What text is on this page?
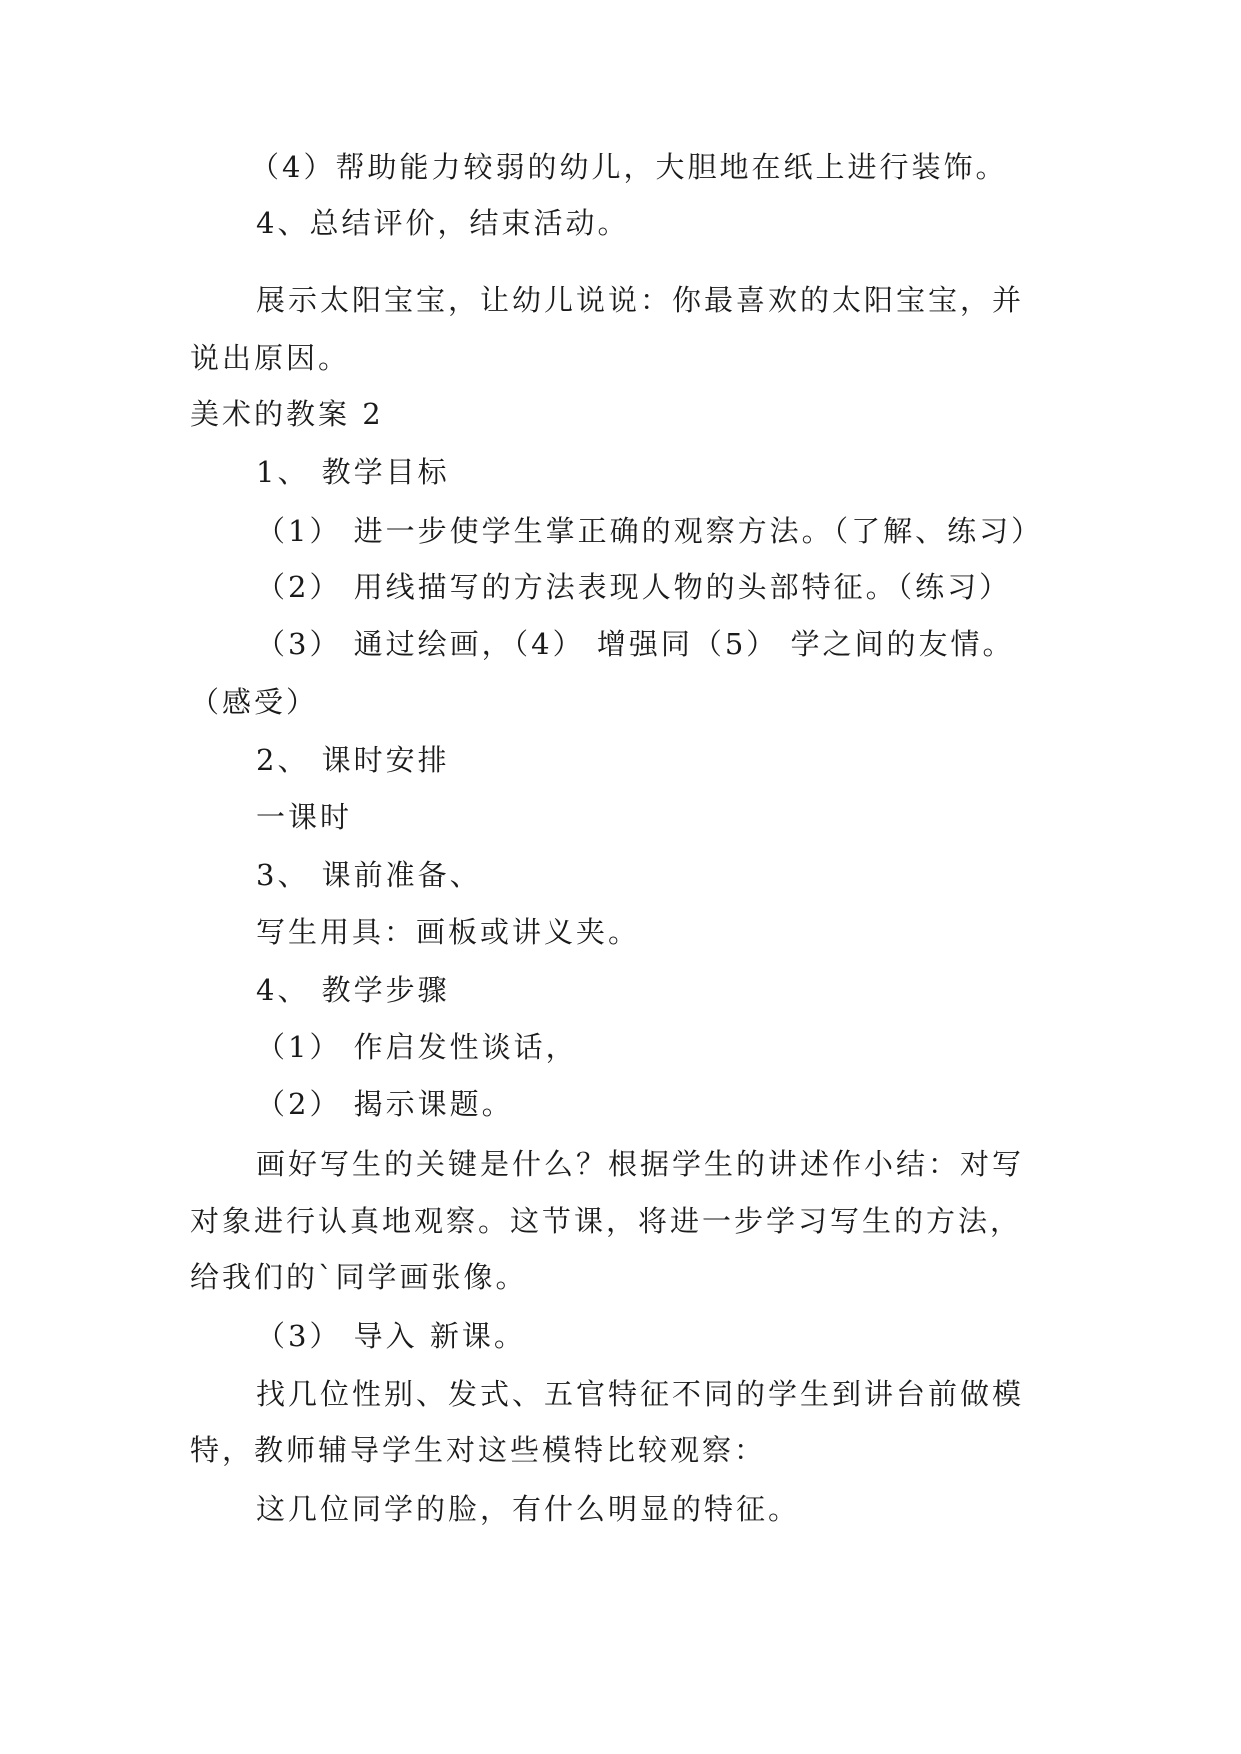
（4）帮助能力较弱的幼儿，大胆地在纸上进行装饰。
4、总结评价，结束活动。
展示太阳宝宝，让幼儿说说：你最喜欢的太阳宝宝，并
说出原因。
美术的教案 2
1、 教学目标
（1） 进一步使学生掌正确的观察方法。（了解、练习）
（2） 用线描写的方法表现人物的头部特征。（练习）
（3） 通过绘画，（4） 增强同（5） 学之间的友情。
（感受）
2、 课时安排
一课时
3、 课前准备、
写生用具：画板或讲义夹。
4、 教学步骤
（1） 作启发性谈话，
（2） 揭示课题。
画好写生的关键是什么？根据学生的讲述作小结：对写
对象进行认真地观察。这节课，将进一步学习写生的方法，
给我们的`同学画张像。
（3） 导入 新课。
找几位性别、发式、五官特征不同的学生到讲台前做模
特，教师辅导学生对这些模特比较观察：
这几位同学的脸，有什么明显的特征。
